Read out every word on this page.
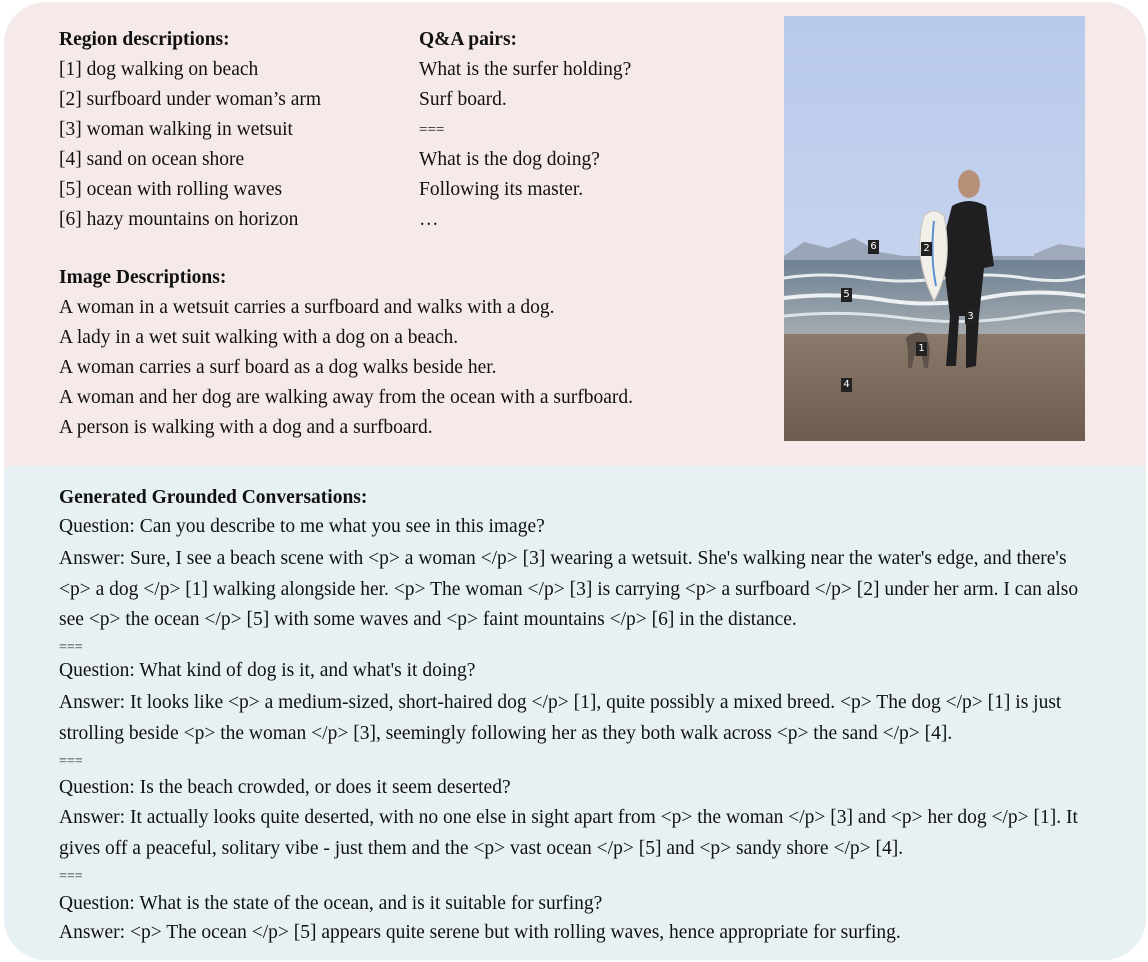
Region descriptions:
[1] dog walking on beach
[2] surfboard under woman’s arm
[3] woman walking in wetsuit
[4] sand on ocean shore
[5] ocean with rolling waves
[6] hazy mountains on horizon
Q&A pairs:
What is the surfer holding?
Surf board.
===
What is the dog doing?
Following its master.
…
Image Descriptions:
A woman in a wetsuit carries a surfboard and walks with a dog.
A lady in a wet suit walking with a dog on a beach.
A woman carries a surf board as a dog walks beside her.
A woman and her dog are walking away from the ocean with a surfboard.
A person is walking with a dog and a surfboard.
6	2
5
3
1
4
Generated Grounded Conversations:
Question: Can you describe to me what you see in this image?
Answer: Sure, I see a beach scene with <p> a woman </p> [3] wearing a wetsuit. She's walking near the water's edge, and there's <p> a dog </p> [1] walking alongside her. <p> The woman </p> [3] is carrying <p> a surfboard </p> [2] under her arm. I can also see <p> the ocean </p> [5] with some waves and <p> faint mountains </p> [6] in the distance.
===
Question: What kind of dog is it, and what's it doing?
Answer: It looks like <p> a medium-sized, short-haired dog </p> [1], quite possibly a mixed breed. <p> The dog </p> [1] is just strolling beside <p> the woman </p> [3], seemingly following her as they both walk across <p> the sand </p> [4].
===
Question: Is the beach crowded, or does it seem deserted?
Answer: It actually looks quite deserted, with no one else in sight apart from <p> the woman </p> [3] and <p> her dog </p> [1]. It gives off a peaceful, solitary vibe - just them and the <p> vast ocean </p> [5] and <p> sandy shore </p> [4].
===
Question: What is the state of the ocean, and is it suitable for surfing?
Answer: <p> The ocean </p> [5] appears quite serene but with rolling waves, hence appropriate for surfing.
